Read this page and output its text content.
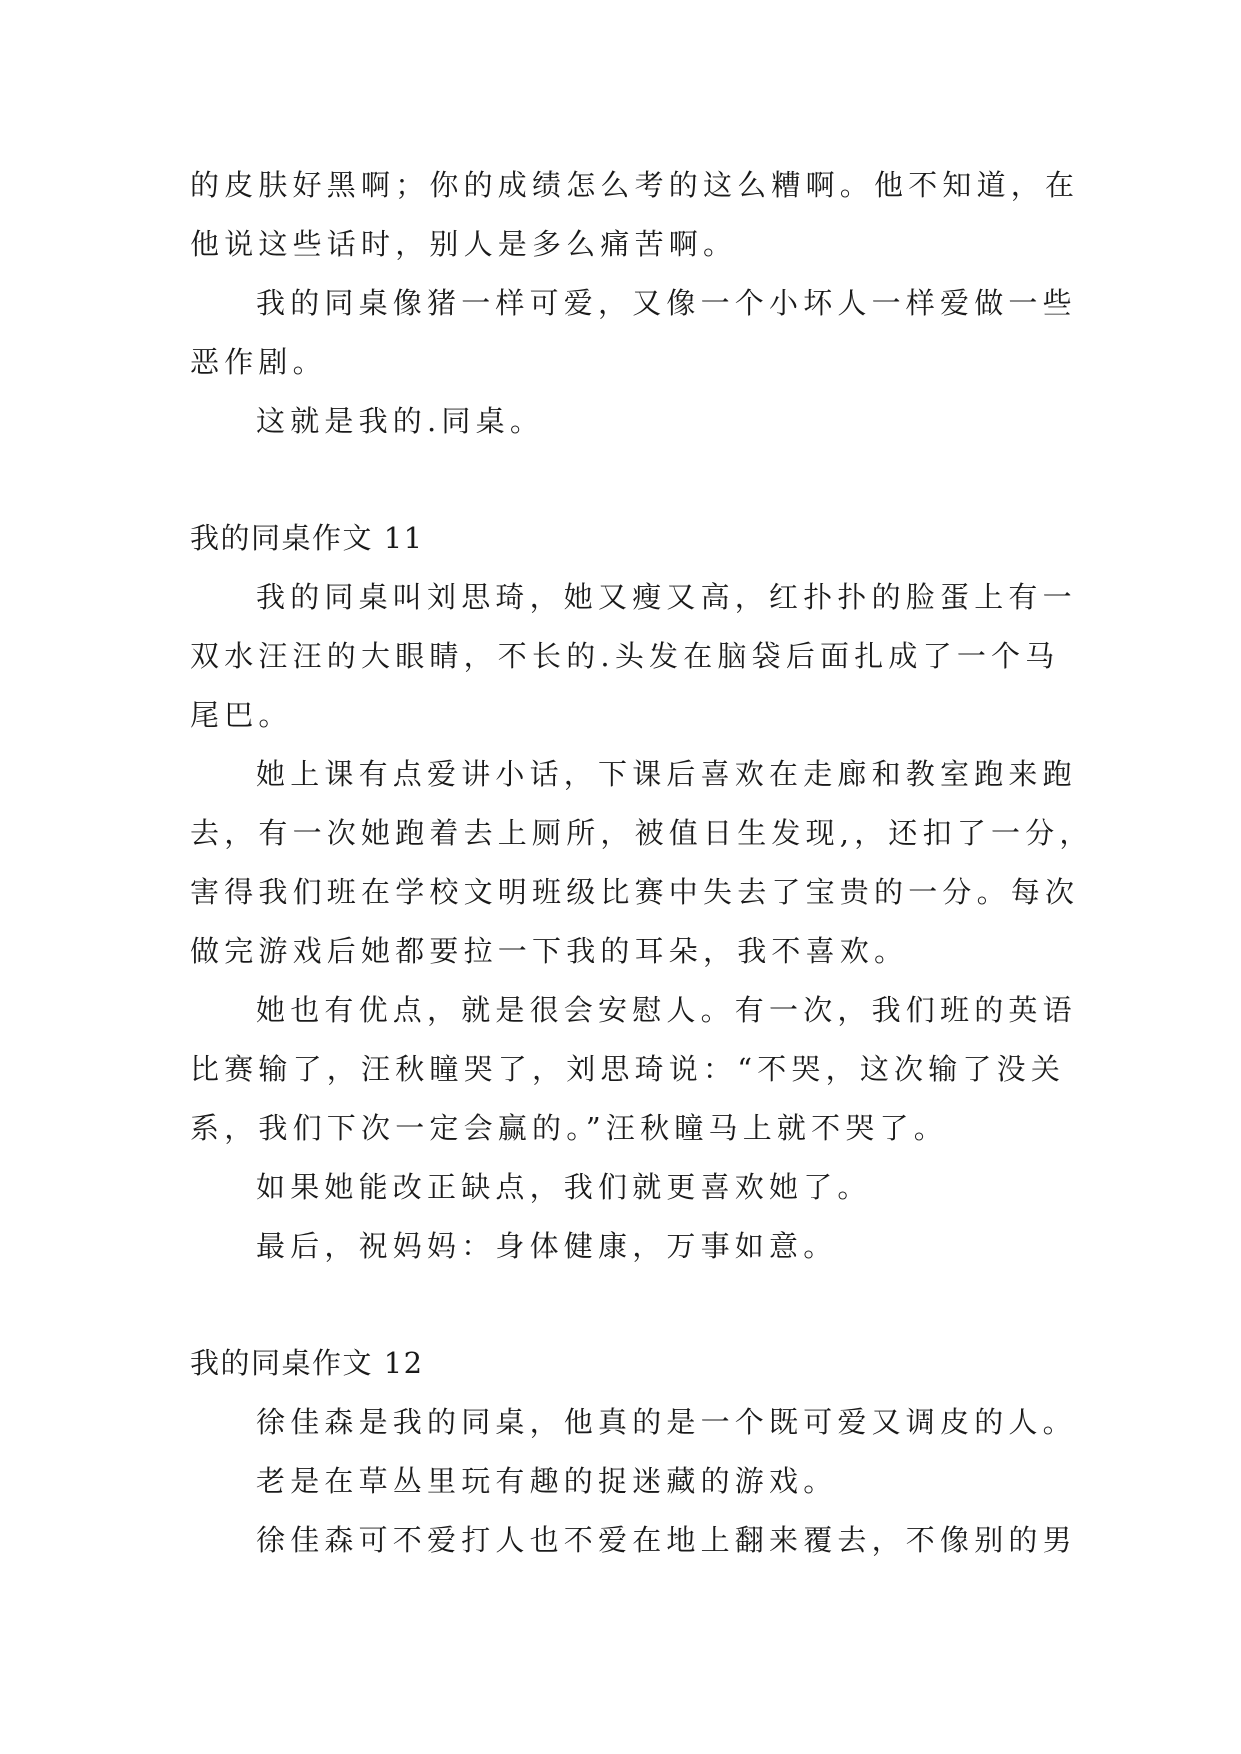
的皮肤好黑啊；你的成绩怎么考的这么糟啊。他不知道，在
他说这些话时，别人是多么痛苦啊。
我的同桌像猪一样可爱，又像一个小坏人一样爱做一些
恶作剧。
这就是我的.同桌。
我的同桌作文 11
我的同桌叫刘思琦，她又瘦又高，红扑扑的脸蛋上有一
双水汪汪的大眼睛，不长的.头发在脑袋后面扎成了一个马
尾巴。
她上课有点爱讲小话，下课后喜欢在走廊和教室跑来跑
去，有一次她跑着去上厕所，被值日生发现,，还扣了一分，
害得我们班在学校文明班级比赛中失去了宝贵的一分。每次
做完游戏后她都要拉一下我的耳朵，我不喜欢。
她也有优点，就是很会安慰人。有一次，我们班的英语
比赛输了，汪秋瞳哭了，刘思琦说：“不哭，这次输了没关
系，我们下次一定会赢的。”汪秋瞳马上就不哭了。
如果她能改正缺点，我们就更喜欢她了。
最后，祝妈妈：身体健康，万事如意。
我的同桌作文 12
徐佳森是我的同桌，他真的是一个既可爱又调皮的人。
老是在草丛里玩有趣的捉迷藏的游戏。
徐佳森可不爱打人也不爱在地上翻来覆去，不像别的男
